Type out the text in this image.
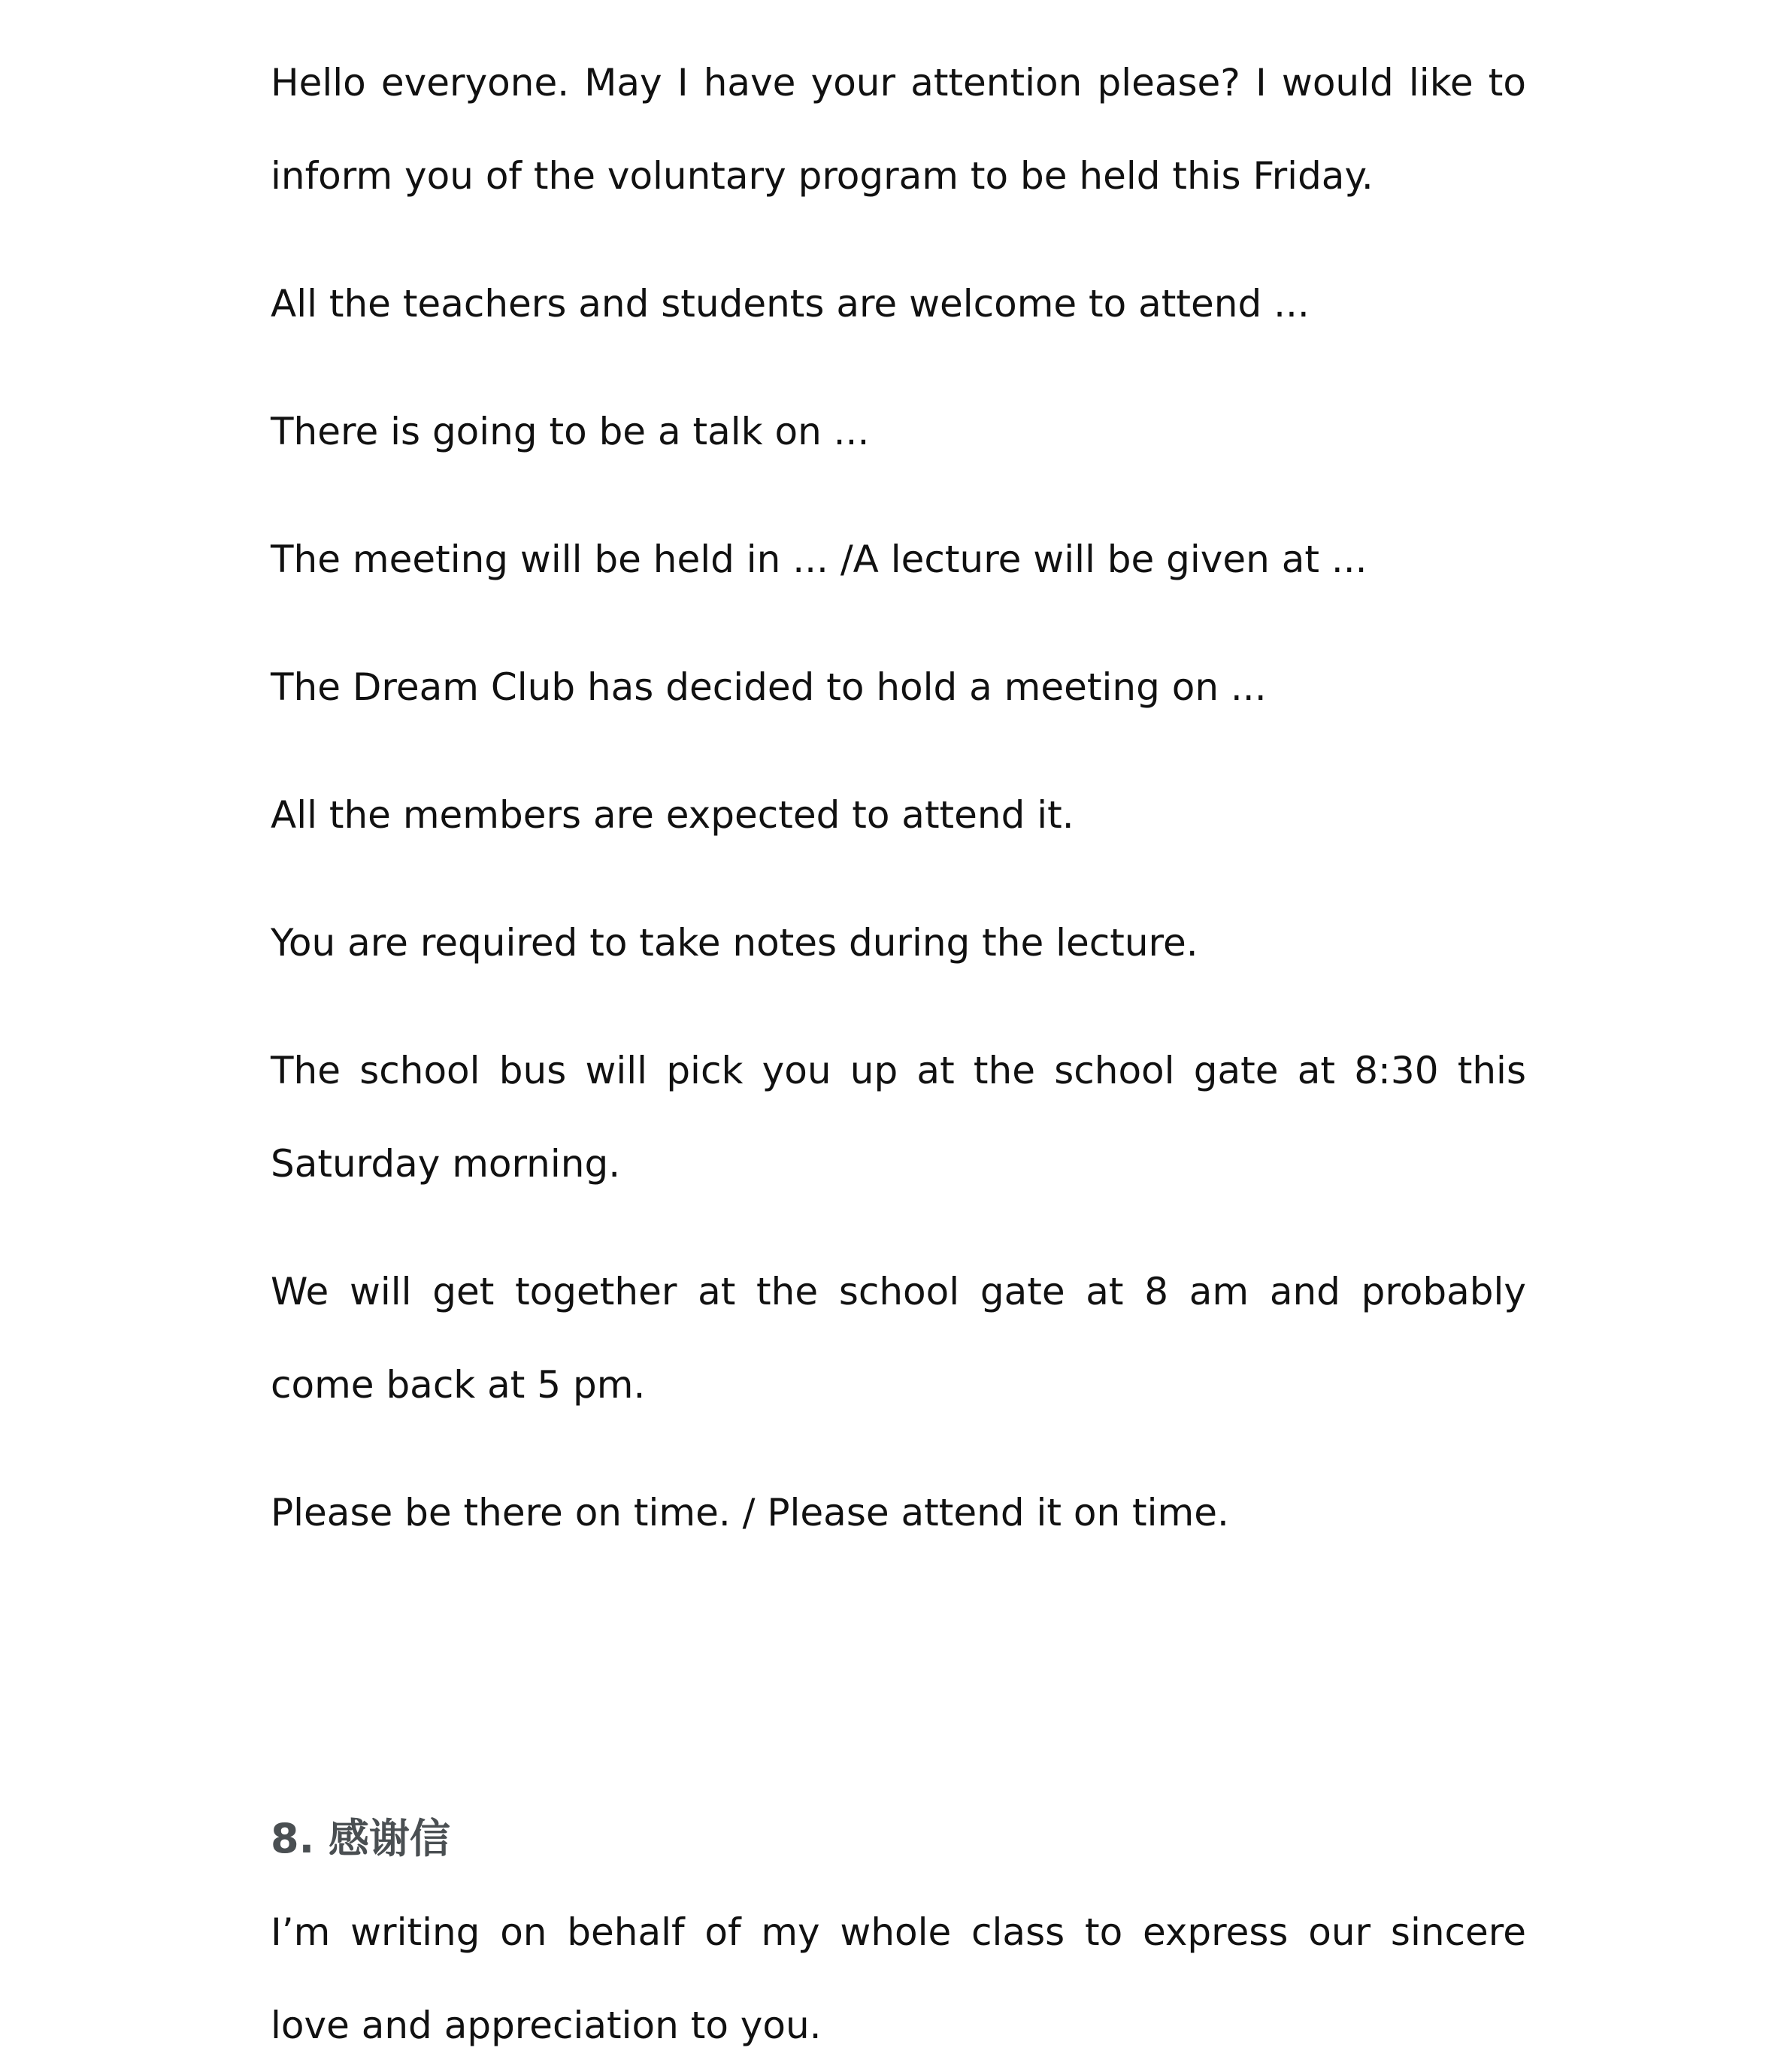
Hello everyone. May I have your attention please? I would like to inform you of the voluntary program to be held this Friday.

All the teachers and students are welcome to attend ...

There is going to be a talk on ...

The meeting will be held in ... /A lecture will be given at ...

The Dream Club has decided to hold a meeting on ...

All the members are expected to attend it.

You are required to take notes during the lecture.

The school bus will pick you up at the school gate at 8:30 this Saturday morning.

We will get together at the school gate at 8 am and probably come back at 5 pm.

Please be there on time. / Please attend it on time.

8. 感谢信

I’m writing on behalf of my whole class to express our sincere love and appreciation to you.
